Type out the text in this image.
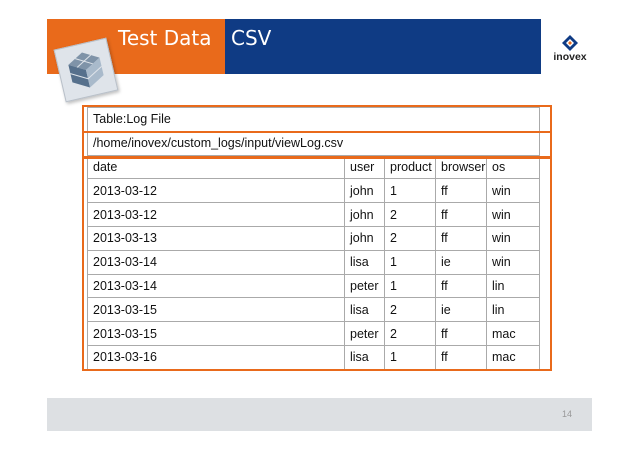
Test Data CSV
inovex
Table:Log File				
/home/inovex/custom_logs/input/viewLog.csv				
date	user	product	browser	os
2013-03-12	john	1	ff	win
2013-03-12	john	2	ff	win
2013-03-13	john	2	ff	win
2013-03-14	lisa	1	ie	win
2013-03-14	peter	1	ff	lin
2013-03-15	lisa	2	ie	lin
2013-03-15	peter	2	ff	mac
2013-03-16	lisa	1	ff	mac
14
